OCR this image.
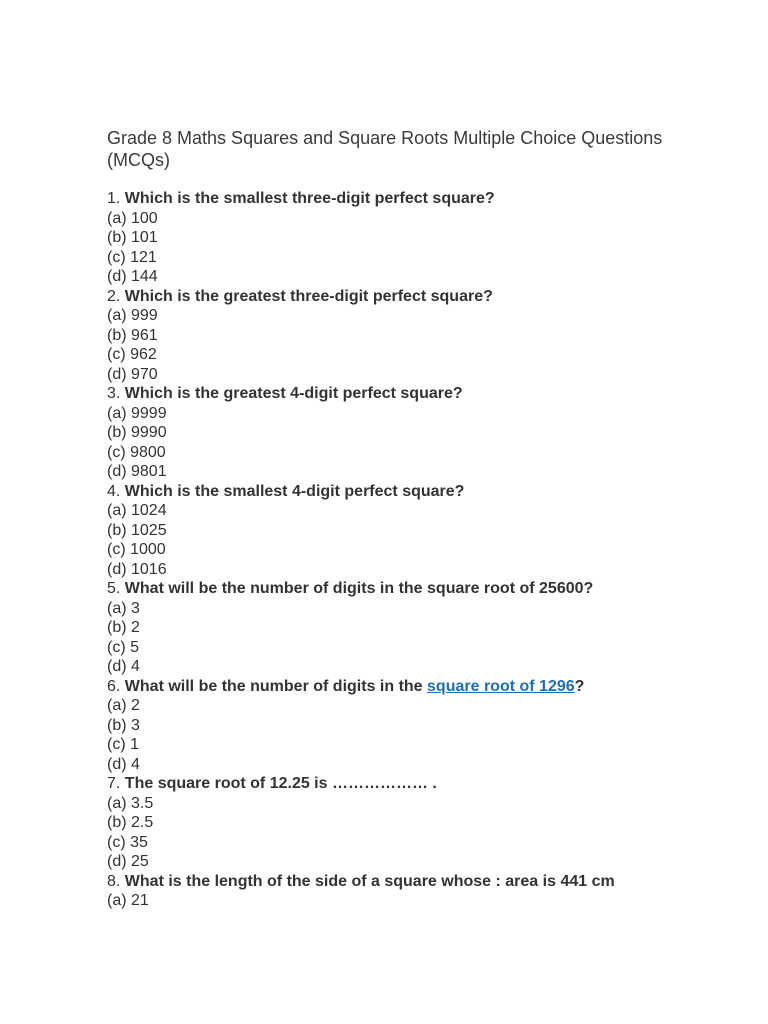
Grade 8 Maths Squares and Square Roots Multiple Choice Questions (MCQs)
1. Which is the smallest three-digit perfect square?
(a) 100
(b) 101
(c) 121
(d) 144
2. Which is the greatest three-digit perfect square?
(a) 999
(b) 961
(c) 962
(d) 970
3. Which is the greatest 4-digit perfect square?
(a) 9999
(b) 9990
(c) 9800
(d) 9801
4. Which is the smallest 4-digit perfect square?
(a) 1024
(b) 1025
(c) 1000
(d) 1016
5. What will be the number of digits in the square root of 25600?
(a) 3
(b) 2
(c) 5
(d) 4
6. What will be the number of digits in the square root of 1296?
(a) 2
(b) 3
(c) 1
(d) 4
7. The square root of 12.25 is ……………… .
(a) 3.5
(b) 2.5
(c) 35
(d) 25
8. What is the length of the side of a square whose : area is 441 cm
(a) 21
